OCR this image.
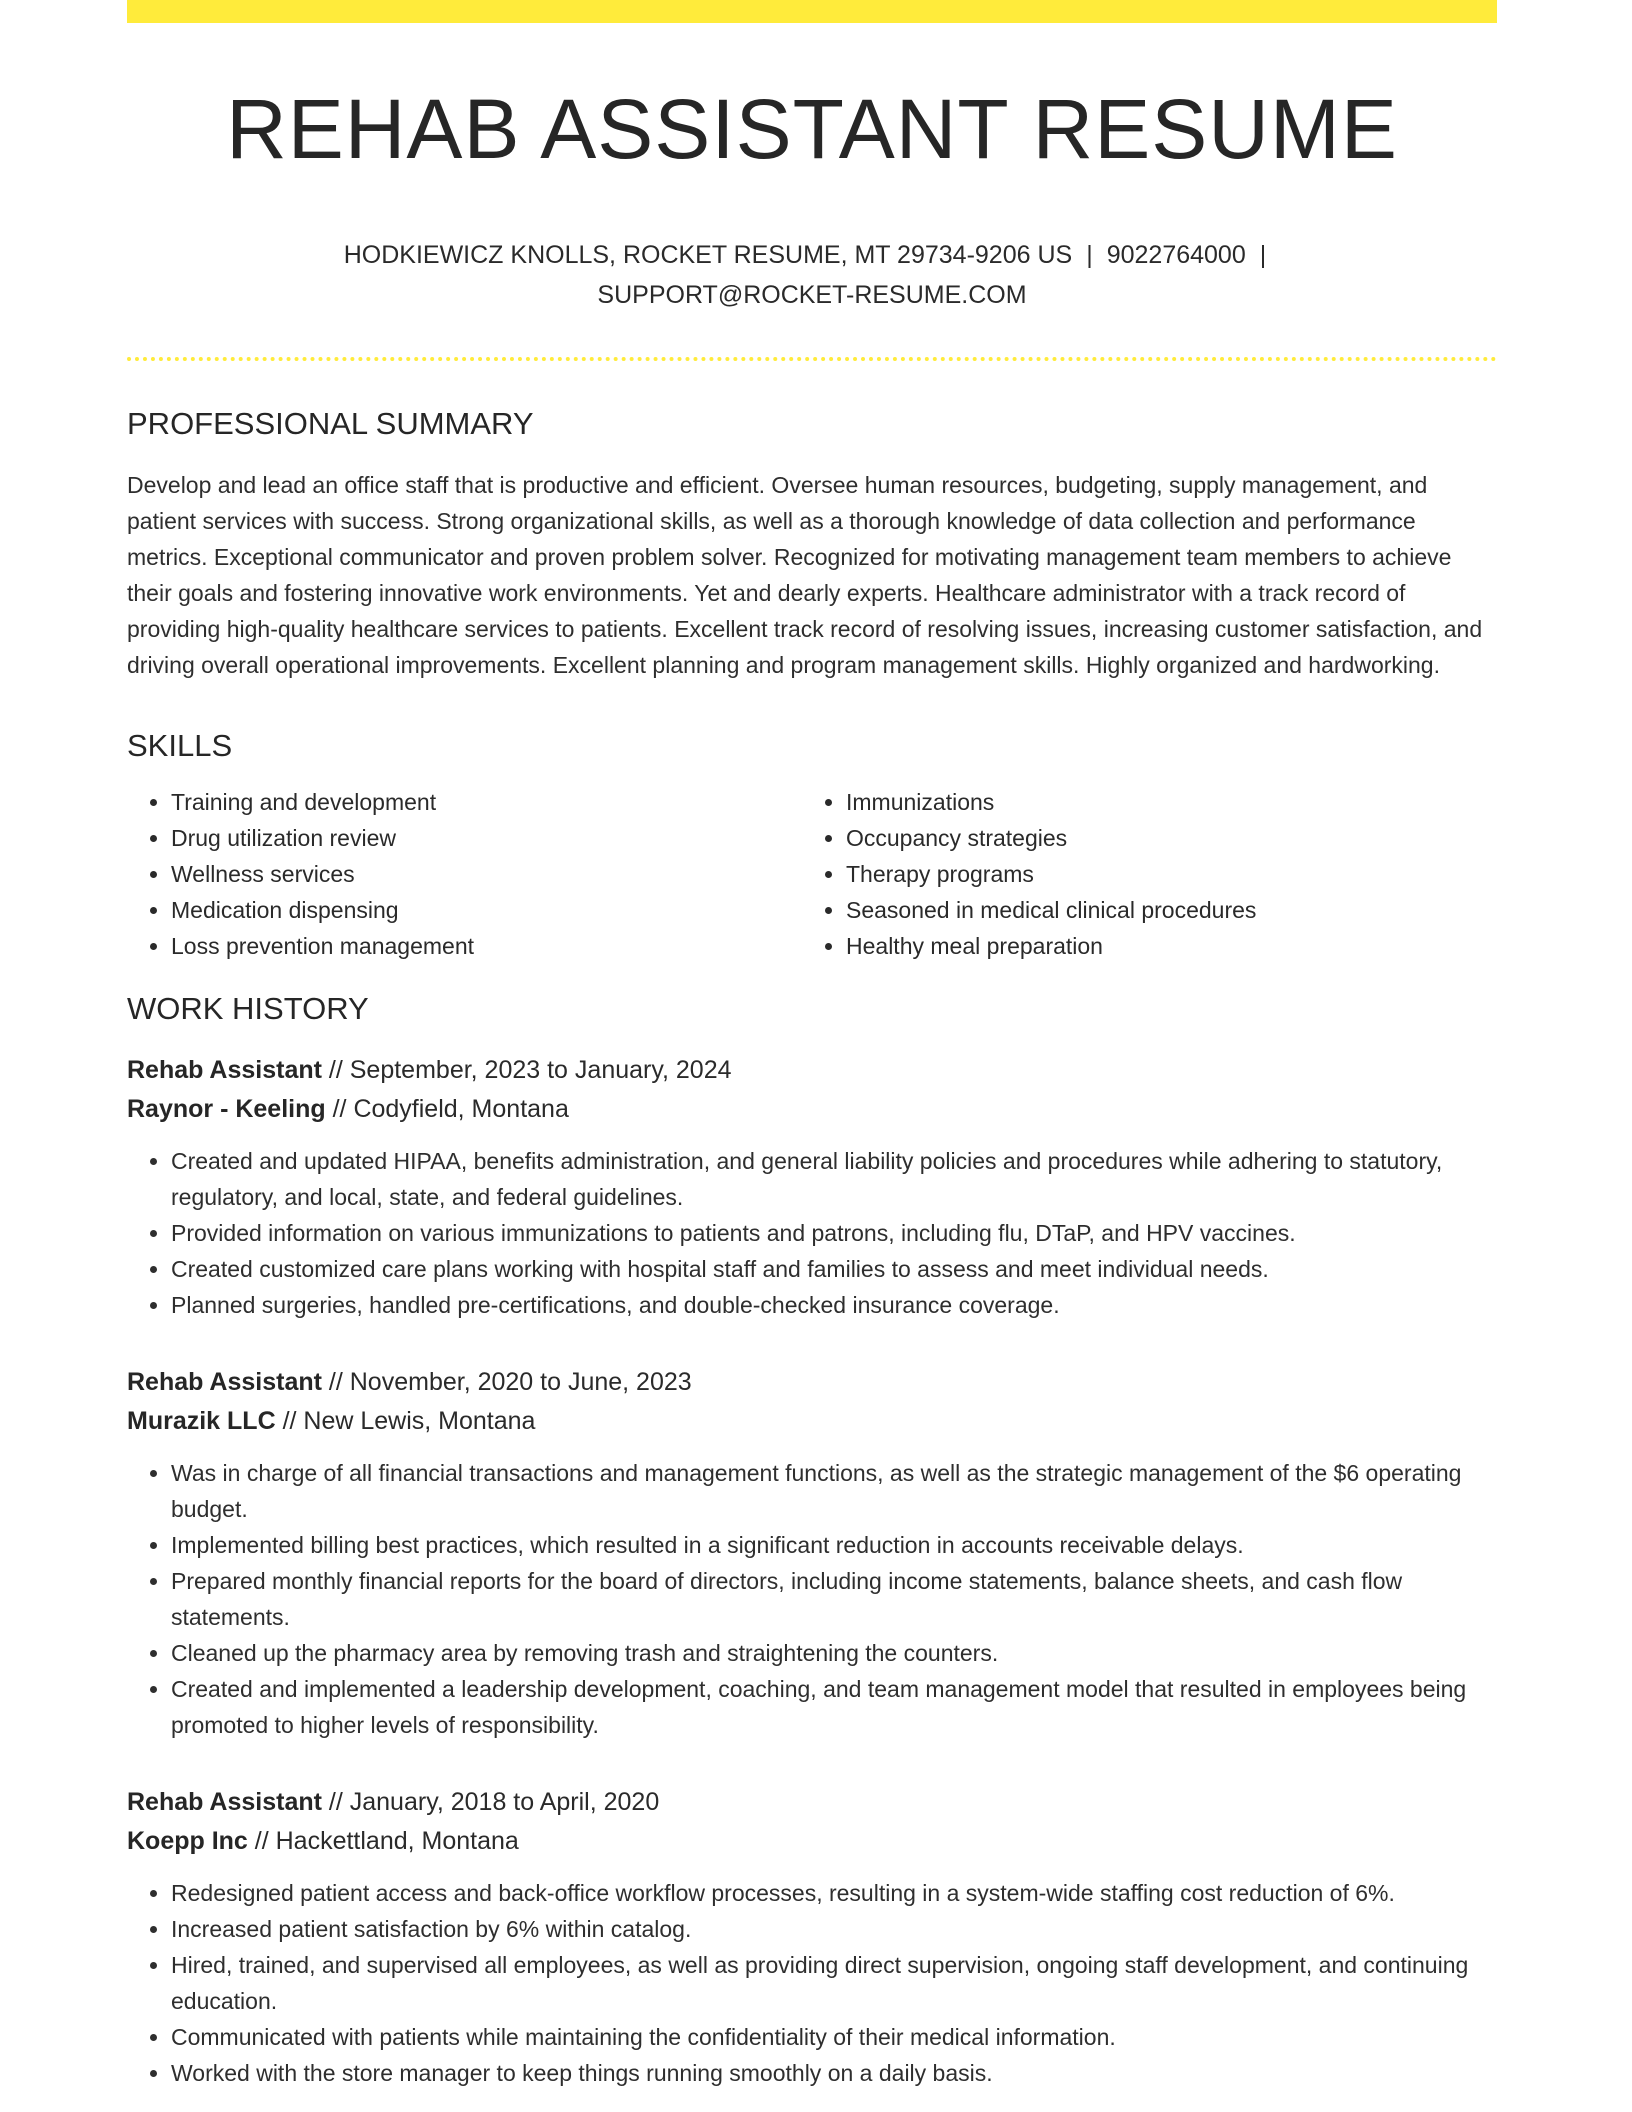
REHAB ASSISTANT RESUME
HODKIEWICZ KNOLLS, ROCKET RESUME, MT 29734-9206 US | 9022764000 |
SUPPORT@ROCKET-RESUME.COM
PROFESSIONAL SUMMARY
Develop and lead an office staff that is productive and efficient. Oversee human resources, budgeting, supply management, and patient services with success. Strong organizational skills, as well as a thorough knowledge of data collection and performance metrics. Exceptional communicator and proven problem solver. Recognized for motivating management team members to achieve their goals and fostering innovative work environments. Yet and dearly experts. Healthcare administrator with a track record of providing high-quality healthcare services to patients. Excellent track record of resolving issues, increasing customer satisfaction, and driving overall operational improvements. Excellent planning and program management skills. Highly organized and hardworking.
SKILLS
• Training and development
• Drug utilization review
• Wellness services
• Medication dispensing
• Loss prevention management
• Immunizations
• Occupancy strategies
• Therapy programs
• Seasoned in medical clinical procedures
• Healthy meal preparation
WORK HISTORY
Rehab Assistant // September, 2023 to January, 2024
Raynor - Keeling // Codyfield, Montana
• Created and updated HIPAA, benefits administration, and general liability policies and procedures while adhering to statutory, regulatory, and local, state, and federal guidelines.
• Provided information on various immunizations to patients and patrons, including flu, DTaP, and HPV vaccines.
• Created customized care plans working with hospital staff and families to assess and meet individual needs.
• Planned surgeries, handled pre-certifications, and double-checked insurance coverage.
Rehab Assistant // November, 2020 to June, 2023
Murazik LLC // New Lewis, Montana
• Was in charge of all financial transactions and management functions, as well as the strategic management of the $6 operating budget.
• Implemented billing best practices, which resulted in a significant reduction in accounts receivable delays.
• Prepared monthly financial reports for the board of directors, including income statements, balance sheets, and cash flow statements.
• Cleaned up the pharmacy area by removing trash and straightening the counters.
• Created and implemented a leadership development, coaching, and team management model that resulted in employees being promoted to higher levels of responsibility.
Rehab Assistant // January, 2018 to April, 2020
Koepp Inc // Hackettland, Montana
• Redesigned patient access and back-office workflow processes, resulting in a system-wide staffing cost reduction of 6%.
• Increased patient satisfaction by 6% within catalog.
• Hired, trained, and supervised all employees, as well as providing direct supervision, ongoing staff development, and continuing education.
• Communicated with patients while maintaining the confidentiality of their medical information.
• Worked with the store manager to keep things running smoothly on a daily basis.
